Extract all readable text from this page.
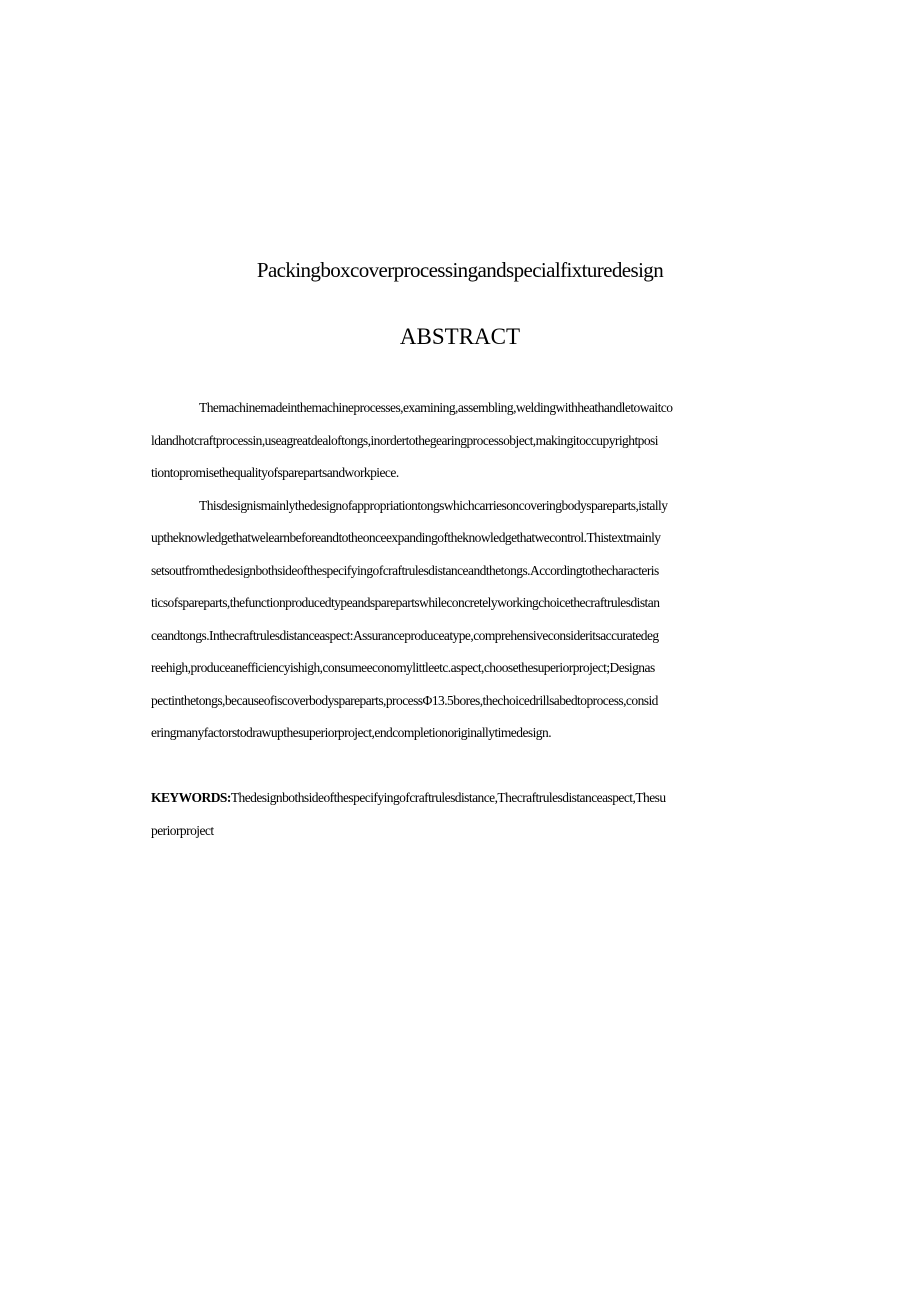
Packingboxcoverprocessingandspecialfixturedesign
ABSTRACT
Themachinemadeinthemachineprocesses,examining,assembling,weldingwithheathandletowaitco
ldandhotcraftprocessin,useagreatdealoftongs,inordertothegearingprocessobject,makingitoccupyrightposi
tiontopromisethequalityofsparepartsandworkpiece.
Thisdesignismainlythedesignofappropriationtongswhichcarriesoncoveringbodyspareparts,istally
uptheknowledgethatwelearnbeforeandtotheonceexpandingoftheknowledgethatwecontrol.Thistextmainly
setsoutfromthedesignbothsideofthespecifyingofcraftrulesdistanceandthetongs.Accordingtothecharacteris
ticsofspareparts,thefunctionproducedtypeandsparepartswhileconcretelyworkingchoicethecraftrulesdistan
ceandtongs.Inthecraftrulesdistanceaspect:Assuranceproduceatype,comprehensiveconsideritsaccuratedeg
reehigh,produceanefficiencyishigh,consumeeconomylittleetc.aspect,choosethesuperiorproject;Designas
pectinthetongs,becauseofiscoverbodyspareparts,processΦ13.5bores,thechoicedrillsabedtoprocess,consid
eringmanyfactorstodrawupthesuperiorproject,endcompletionoriginallytimedesign.
KEYWORDS:Thedesignbothsideofthespecifyingofcraftrulesdistance,Thecraftrulesdistanceaspect,Thesu
periorproject
